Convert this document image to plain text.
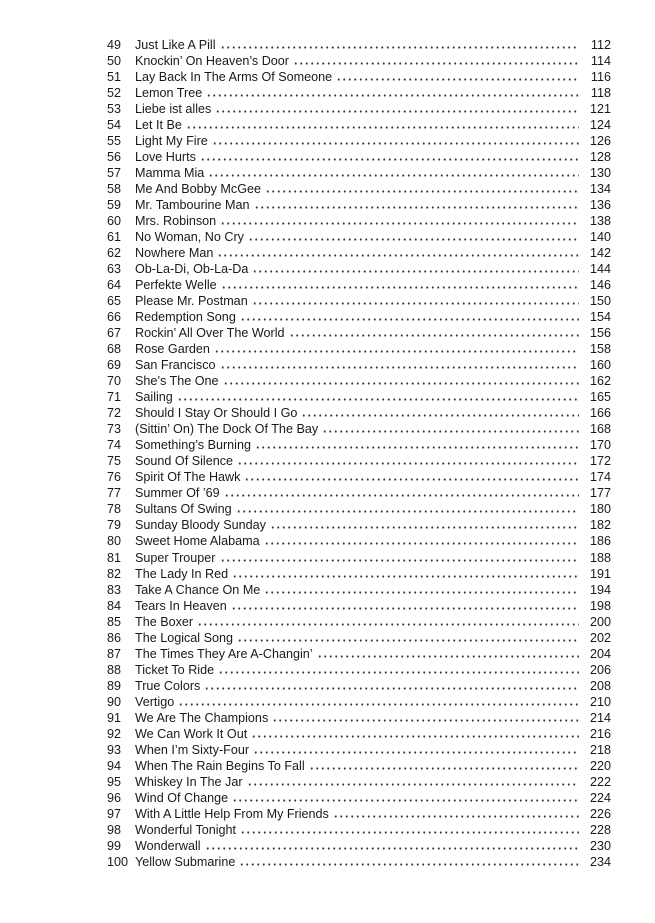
49	Just Like A Pill	112
50	Knockin’ On Heaven’s Door	114
51	Lay Back In The Arms Of Someone	116
52	Lemon Tree	118
53	Liebe ist alles	121
54	Let It Be	124
55	Light My Fire	126
56	Love Hurts	128
57	Mamma Mia	130
58	Me And Bobby McGee	134
59	Mr. Tambourine Man	136
60	Mrs. Robinson	138
61	No Woman, No Cry	140
62	Nowhere Man	142
63	Ob-La-Di, Ob-La-Da	144
64	Perfekte Welle	146
65	Please Mr. Postman	150
66	Redemption Song	154
67	Rockin’ All Over The World	156
68	Rose Garden	158
69	San Francisco	160
70	She’s The One	162
71	Sailing	165
72	Should I Stay Or Should I Go	166
73	(Sittin’ On) The Dock Of The Bay	168
74	Something’s Burning	170
75	Sound Of Silence	172
76	Spirit Of The Hawk	174
77	Summer Of ’69	177
78	Sultans Of Swing	180
79	Sunday Bloody Sunday	182
80	Sweet Home Alabama	186
81	Super Trouper	188
82	The Lady In Red	191
83	Take A Chance On Me	194
84	Tears In Heaven	198
85	The Boxer	200
86	The Logical Song	202
87	The Times They Are A-Changin’	204
88	Ticket To Ride	206
89	True Colors	208
90	Vertigo	210
91	We Are The Champions	214
92	We Can Work It Out	216
93	When I’m Sixty-Four	218
94	When The Rain Begins To Fall	220
95	Whiskey In The Jar	222
96	Wind Of Change	224
97	With A Little Help From My Friends	226
98	Wonderful Tonight	228
99	Wonderwall	230
100 Yellow Submarine	234
